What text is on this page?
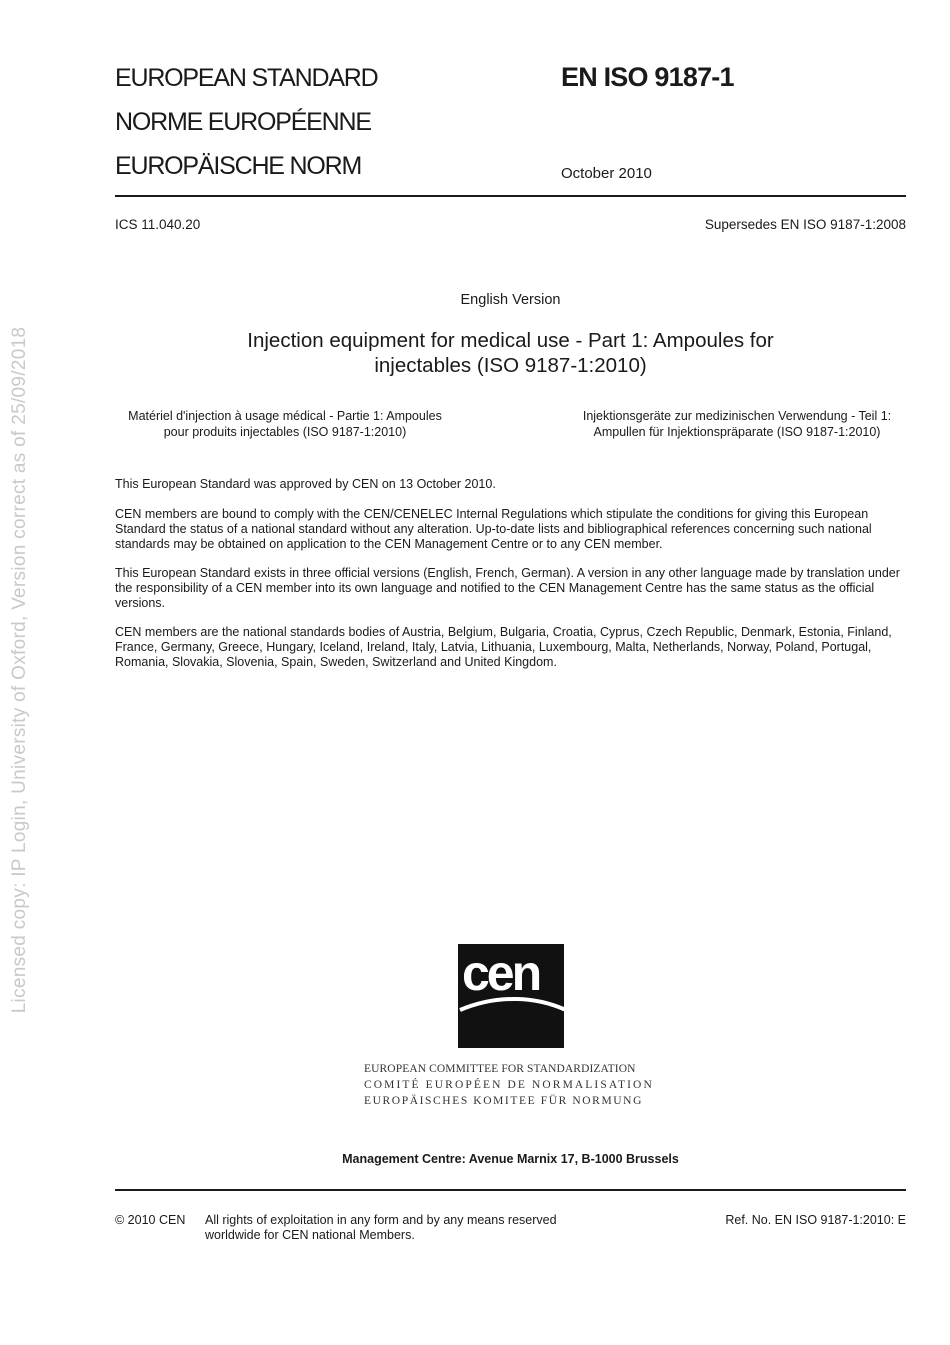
Licensed copy: IP Login, University of Oxford, Version correct as of 25/09/2018
EUROPEAN STANDARD
NORME EUROPÉENNE
EUROPÄISCHE NORM
EN ISO 9187-1
October 2010
ICS 11.040.20	Supersedes EN ISO 9187-1:2008
English Version
Injection equipment for medical use - Part 1: Ampoules for
injectables (ISO 9187-1:2010)
Matériel d'injection à usage médical - Partie 1: Ampoules
pour produits injectables (ISO 9187-1:2010)
Injektionsgeräte zur medizinischen Verwendung - Teil 1:
Ampullen für Injektionspräparate (ISO 9187-1:2010)
This European Standard was approved by CEN on 13 October 2010.
CEN members are bound to comply with the CEN/CENELEC Internal Regulations which stipulate the conditions for giving this European Standard the status of a national standard without any alteration. Up-to-date lists and bibliographical references concerning such national standards may be obtained on application to the CEN Management Centre or to any CEN member.
This European Standard exists in three official versions (English, French, German). A version in any other language made by translation under the responsibility of a CEN member into its own language and notified to the CEN Management Centre has the same status as the official versions.
CEN members are the national standards bodies of Austria, Belgium, Bulgaria, Croatia, Cyprus, Czech Republic, Denmark, Estonia, Finland, France, Germany, Greece, Hungary, Iceland, Ireland, Italy, Latvia, Lithuania, Luxembourg, Malta, Netherlands, Norway, Poland, Portugal, Romania, Slovakia, Slovenia, Spain, Sweden, Switzerland and United Kingdom.
cen
EUROPEAN COMMITTEE FOR STANDARDIZATION
COMITÉ EUROPÉEN DE NORMALISATION
EUROPÄISCHES KOMITEE FÜR NORMUNG
Management Centre: Avenue Marnix 17, B-1000 Brussels
© 2010 CEN All rights of exploitation in any form and by any means reserved
worldwide for CEN national Members.
Ref. No. EN ISO 9187-1:2010: E
